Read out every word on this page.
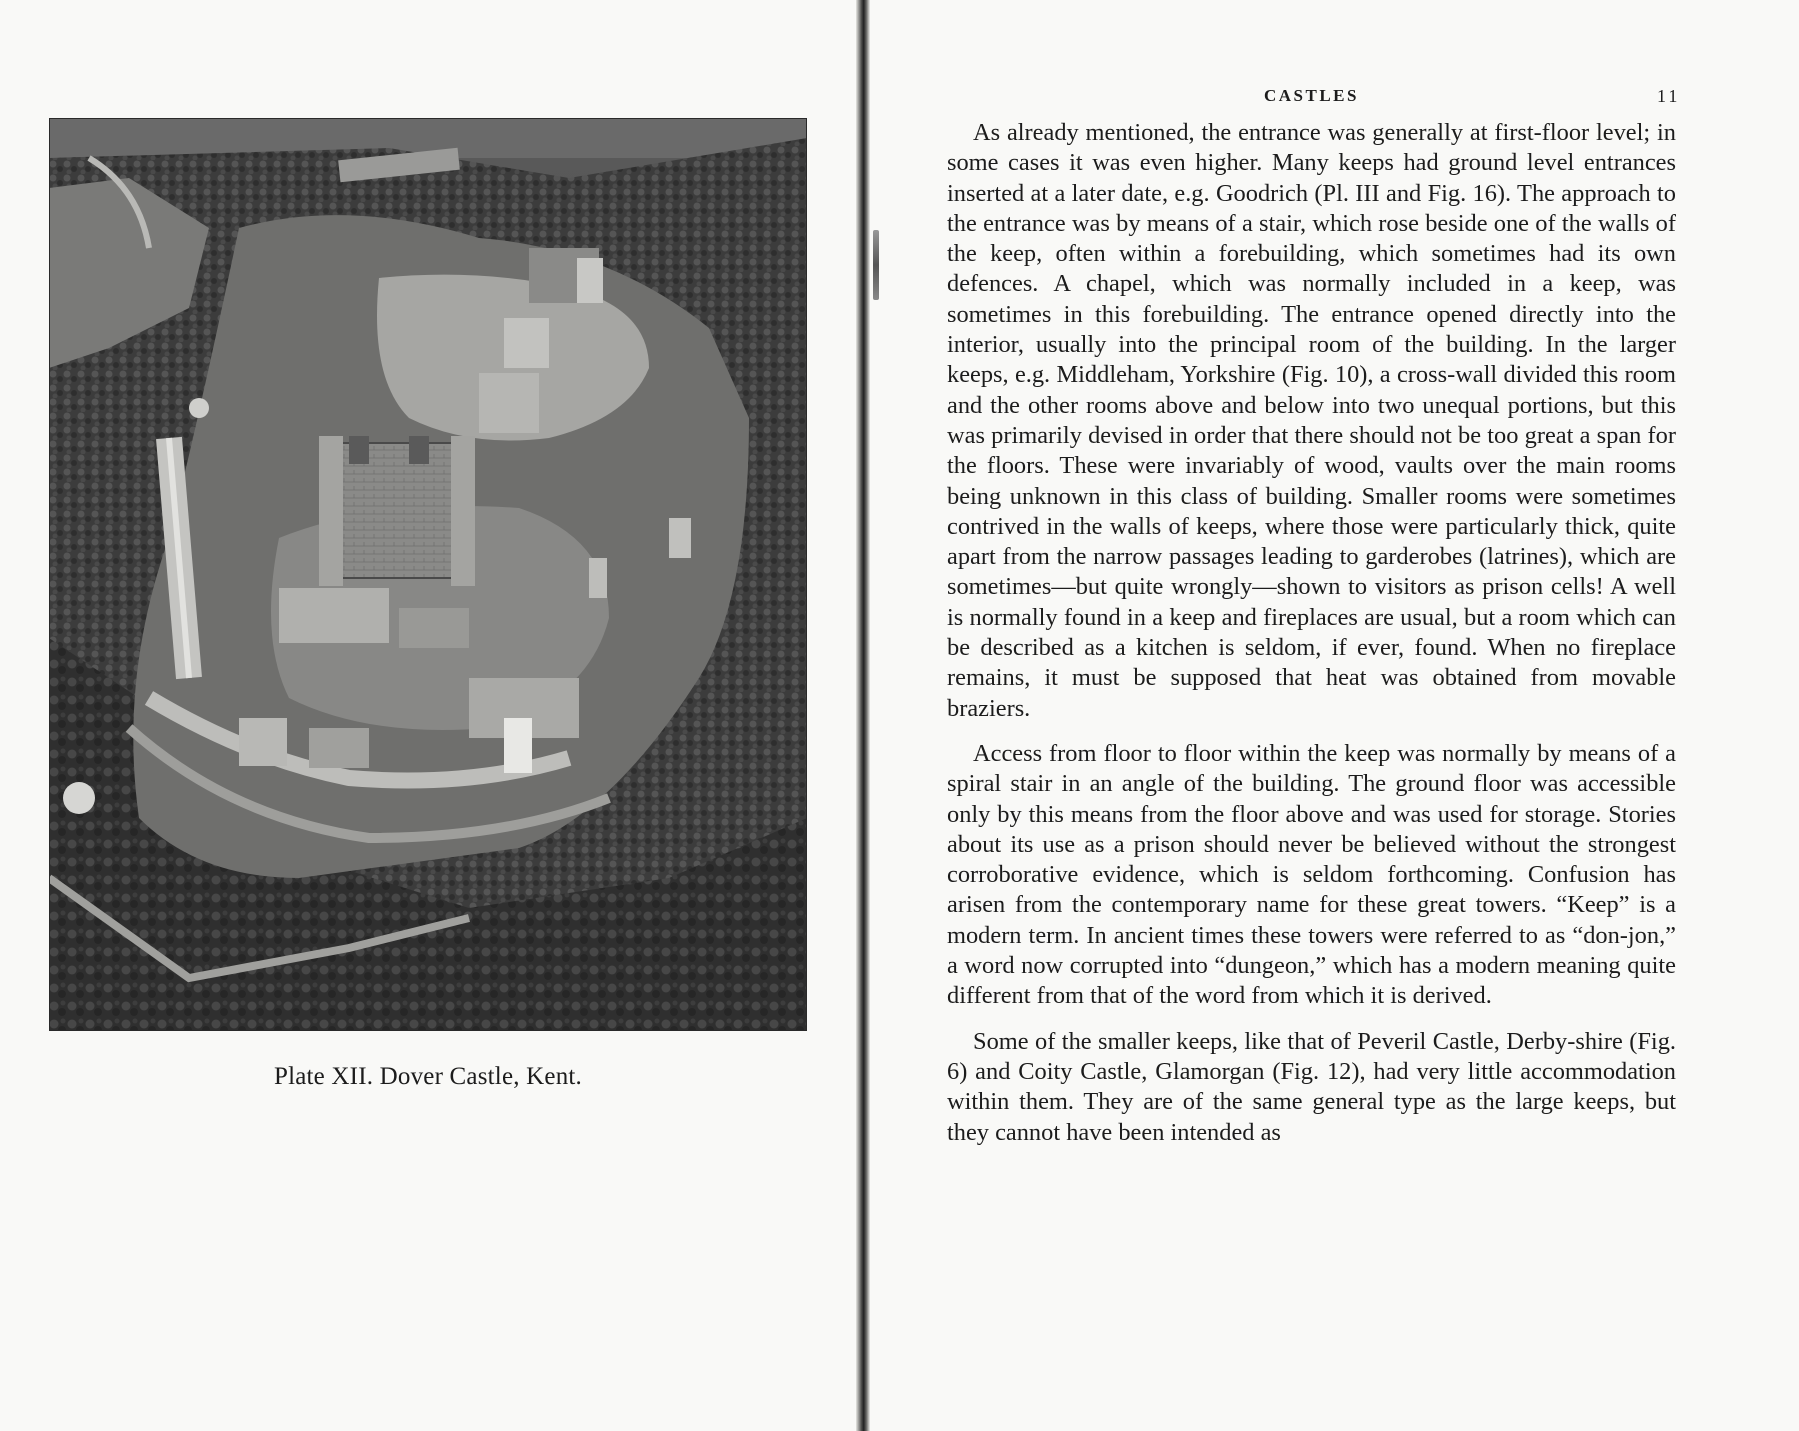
Plate XII. Dover Castle, Kent.
CASTLES	11

As already mentioned, the entrance was generally at first-floor level; in some cases it was even higher. Many keeps had ground level entrances inserted at a later date, e.g. Goodrich (Pl. III and Fig. 16). The approach to the entrance was by means of a stair, which rose beside one of the walls of the keep, often within a forebuilding, which sometimes had its own defences. A chapel, which was normally included in a keep, was sometimes in this forebuilding. The entrance opened directly into the interior, usually into the principal room of the building. In the larger keeps, e.g. Middleham, Yorkshire (Fig. 10), a cross-wall divided this room and the other rooms above and below into two unequal portions, but this was primarily devised in order that there should not be too great a span for the floors. These were invariably of wood, vaults over the main rooms being unknown in this class of building. Smaller rooms were sometimes contrived in the walls of keeps, where those were particularly thick, quite apart from the narrow passages leading to garderobes (latrines), which are sometimes—but quite wrongly—shown to visitors as prison cells! A well is normally found in a keep and fireplaces are usual, but a room which can be described as a kitchen is seldom, if ever, found. When no fireplace remains, it must be supposed that heat was obtained from movable braziers.

Access from floor to floor within the keep was normally by means of a spiral stair in an angle of the building. The ground floor was accessible only by this means from the floor above and was used for storage. Stories about its use as a prison should never be believed without the strongest corroborative evidence, which is seldom forthcoming. Confusion has arisen from the contemporary name for these great towers. “Keep” is a modern term. In ancient times these towers were referred to as “don-jon,” a word now corrupted into “dungeon,” which has a modern meaning quite different from that of the word from which it is derived.

Some of the smaller keeps, like that of Peveril Castle, Derby-shire (Fig. 6) and Coity Castle, Glamorgan (Fig. 12), had very little accommodation within them. They are of the same general type as the large keeps, but they cannot have been intended as
